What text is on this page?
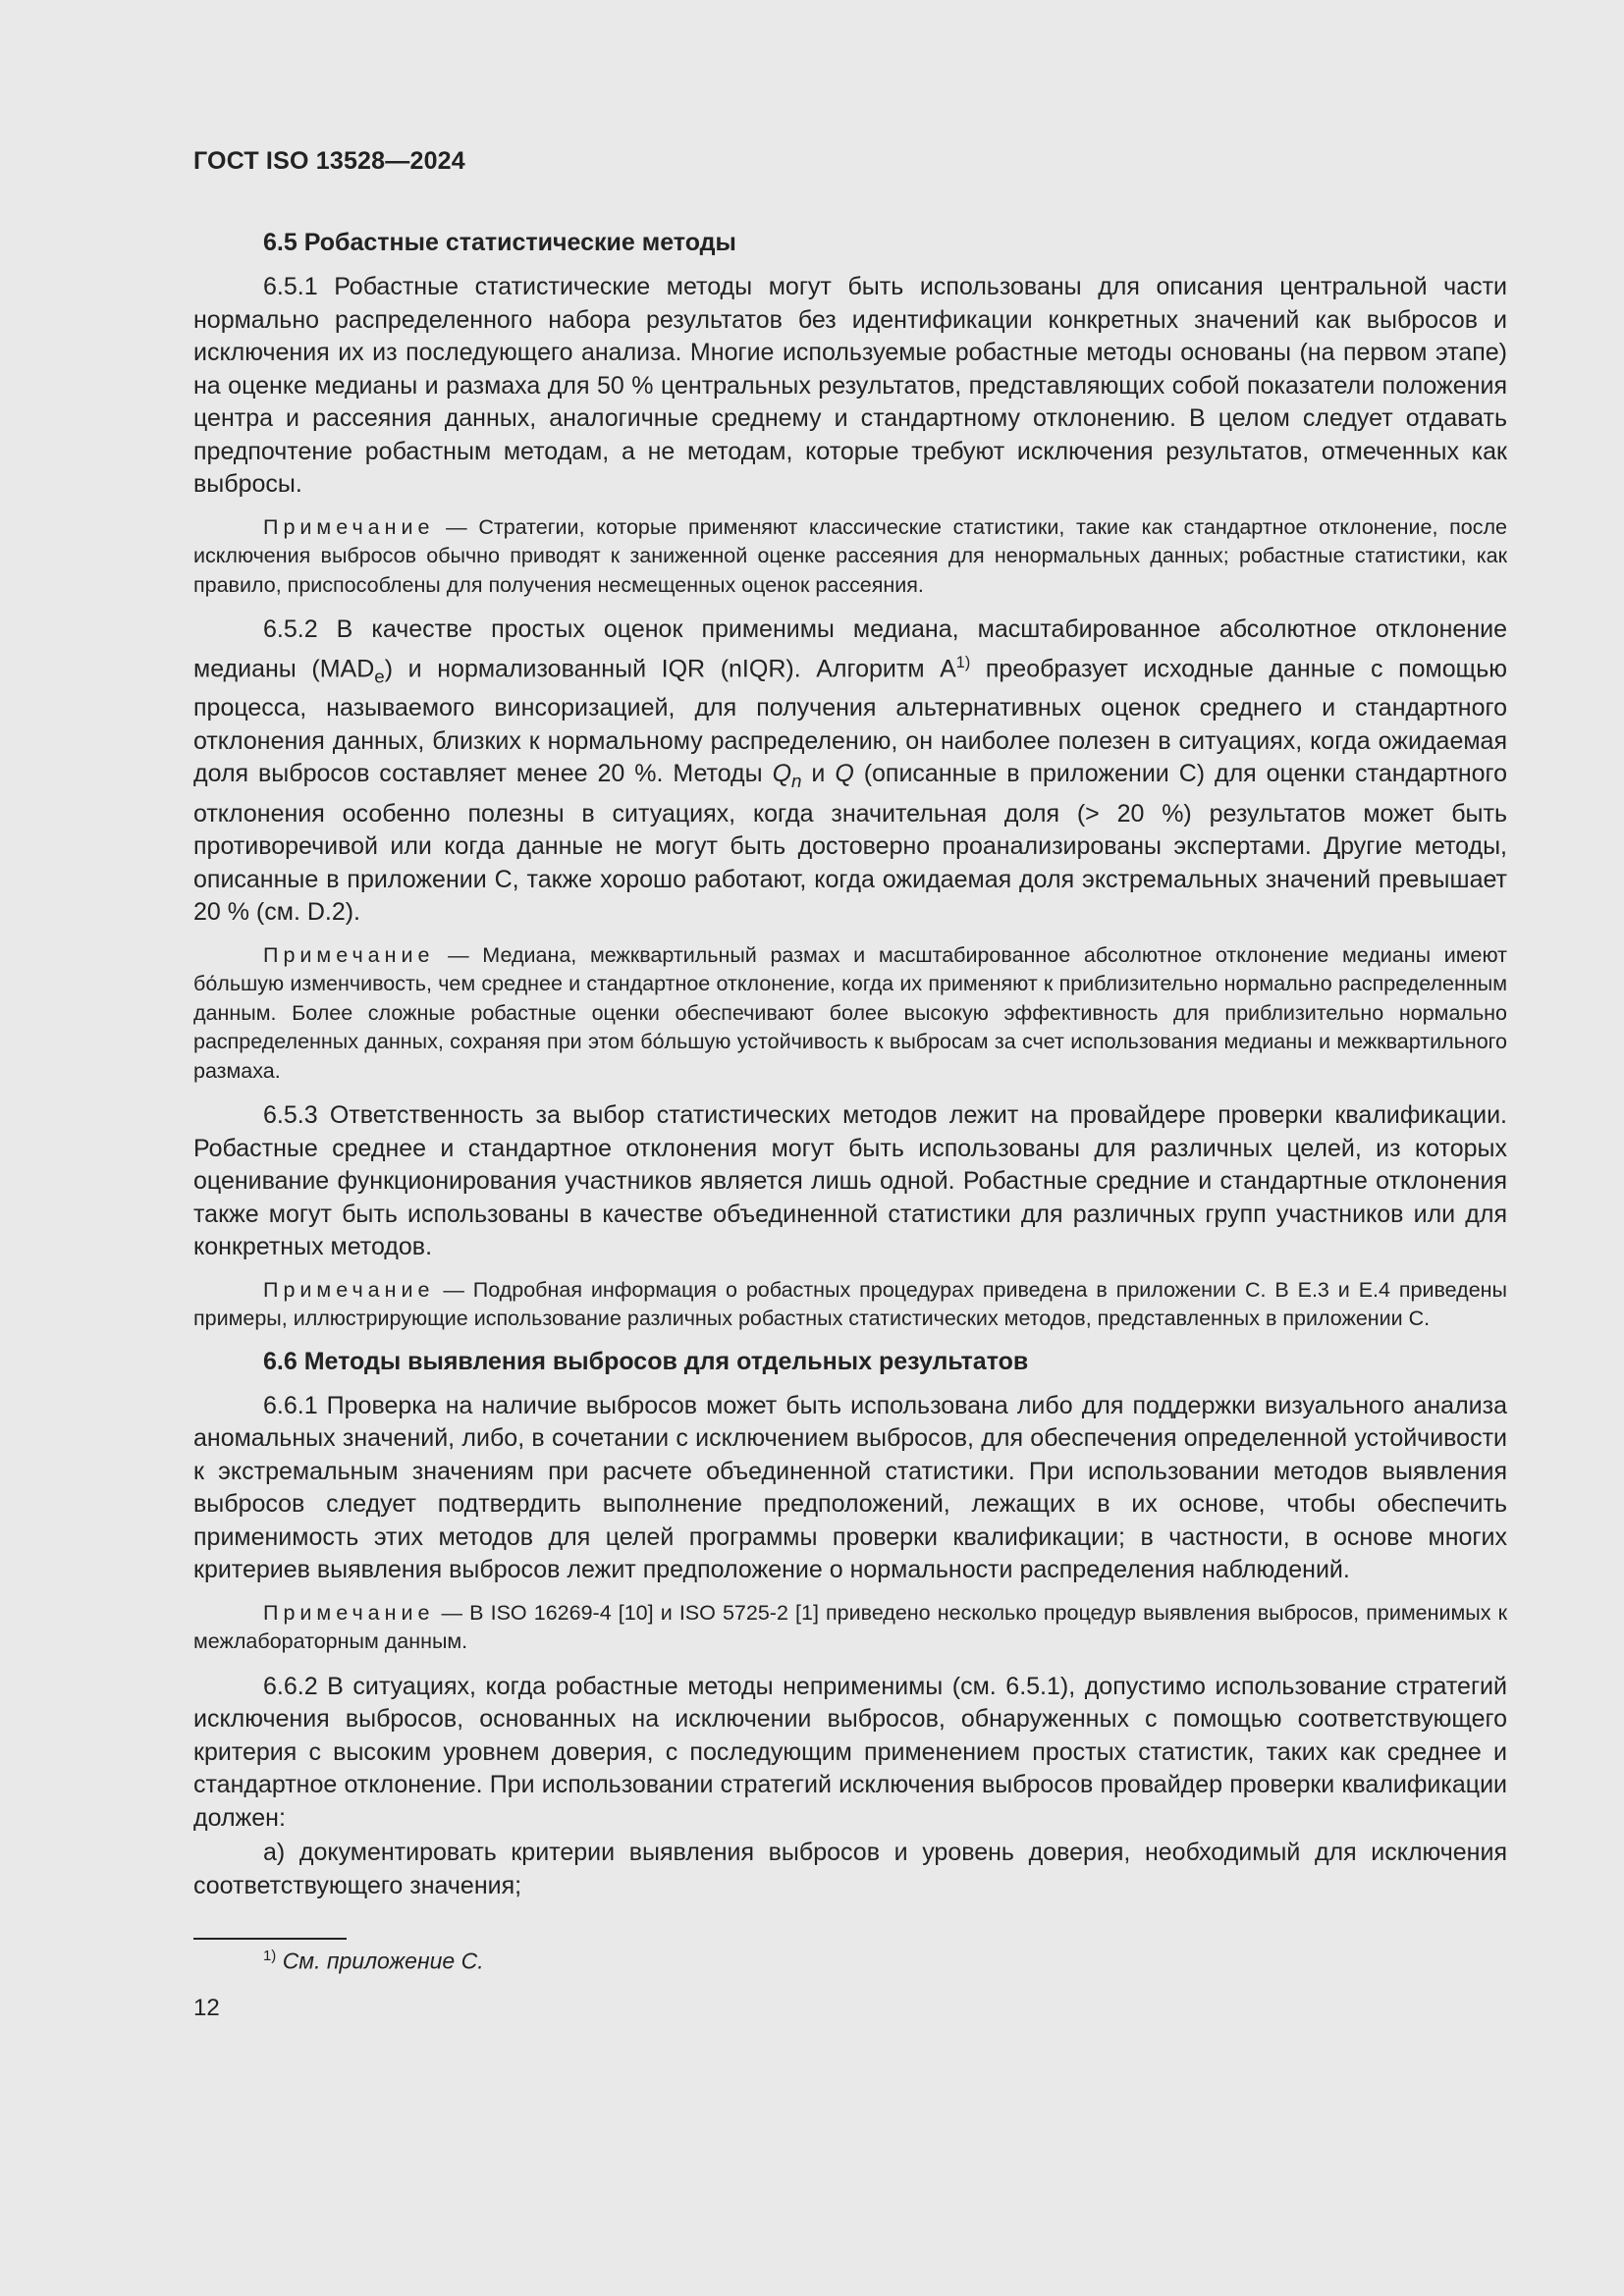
ГОСТ ISO 13528—2024
6.5 Робастные статистические методы

6.5.1 Робастные статистические методы могут быть использованы для описания центральной части нормально распределенного набора результатов без идентификации конкретных значений как выбросов и исключения их из последующего анализа. Многие используемые робастные методы основаны (на первом этапе) на оценке медианы и размаха для 50 % центральных результатов, представляющих собой показатели положения центра и рассеяния данных, аналогичные среднему и стандартному отклонению. В целом следует отдавать предпочтение робастным методам, а не методам, которые требуют исключения результатов, отмеченных как выбросы.

Примечание — Стратегии, которые применяют классические статистики, такие как стандартное отклонение, после исключения выбросов обычно приводят к заниженной оценке рассеяния для ненормальных данных; робастные статистики, как правило, приспособлены для получения несмещенных оценок рассеяния.

6.5.2 В качестве простых оценок применимы медиана, масштабированное абсолютное отклонение медианы $(MAD_e)$ и нормализованный IQR (nIQR). Алгоритм $А^{1)}$ преобразует исходные данные с помощью процесса, называемого винсоризацией, для получения альтернативных оценок среднего и стандартного отклонения данных, близких к нормальному распределению, он наиболее полезен в ситуациях, когда ожидаемая доля выбросов составляет менее 20 %. Методы $Q_n$ и Q (описанные в приложении С) для оценки стандартного отклонения особенно полезны в ситуациях, когда значительная доля (> 20 %) результатов может быть противоречивой или когда данные не могут быть достоверно проанализированы экспертами. Другие методы, описанные в приложении С, также хорошо работают, когда ожидаемая доля экстремальных значений превышает 20 % (см. D.2).

Примечание — Медиана, межквартильный размах и масштабированное абсолютное отклонение медианы имеют бо́льшую изменчивость, чем среднее и стандартное отклонение, когда их применяют к приблизительно нормально распределенным данным. Более сложные робастные оценки обеспечивают более высокую эффективность для приблизительно нормально распределенных данных, сохраняя при этом бо́льшую устойчивость к выбросам за счет использования медианы и межквартильного размаха.

6.5.3 Ответственность за выбор статистических методов лежит на провайдере проверки квалификации. Робастные среднее и стандартное отклонения могут быть использованы для различных целей, из которых оценивание функционирования участников является лишь одной. Робастные средние и стандартные отклонения также могут быть использованы в качестве объединенной статистики для различных групп участников или для конкретных методов.

Примечание — Подробная информация о робастных процедурах приведена в приложении С. В Е.3 и Е.4 приведены примеры, иллюстрирующие использование различных робастных статистических методов, представленных в приложении С.

6.6 Методы выявления выбросов для отдельных результатов

6.6.1 Проверка на наличие выбросов может быть использована либо для поддержки визуального анализа аномальных значений, либо, в сочетании с исключением выбросов, для обеспечения определенной устойчивости к экстремальным значениям при расчете объединенной статистики. При использовании методов выявления выбросов следует подтвердить выполнение предположений, лежащих в их основе, чтобы обеспечить применимость этих методов для целей программы проверки квалификации; в частности, в основе многих критериев выявления выбросов лежит предположение о нормальности распределения наблюдений.

Примечание — В ISO 16269-4 [10] и ISO 5725-2 [1] приведено несколько процедур выявления выбросов, применимых к межлабораторным данным.

6.6.2 В ситуациях, когда робастные методы неприменимы (см. 6.5.1), допустимо использование стратегий исключения выбросов, основанных на исключении выбросов, обнаруженных с помощью соответствующего критерия с высоким уровнем доверия, с последующим применением простых статистик, таких как среднее и стандартное отклонение. При использовании стратегий исключения выбросов провайдер проверки квалификации должен:

а) документировать критерии выявления выбросов и уровень доверия, необходимый для исключения соответствующего значения;

$^{1)}$ См. приложение С.
12
